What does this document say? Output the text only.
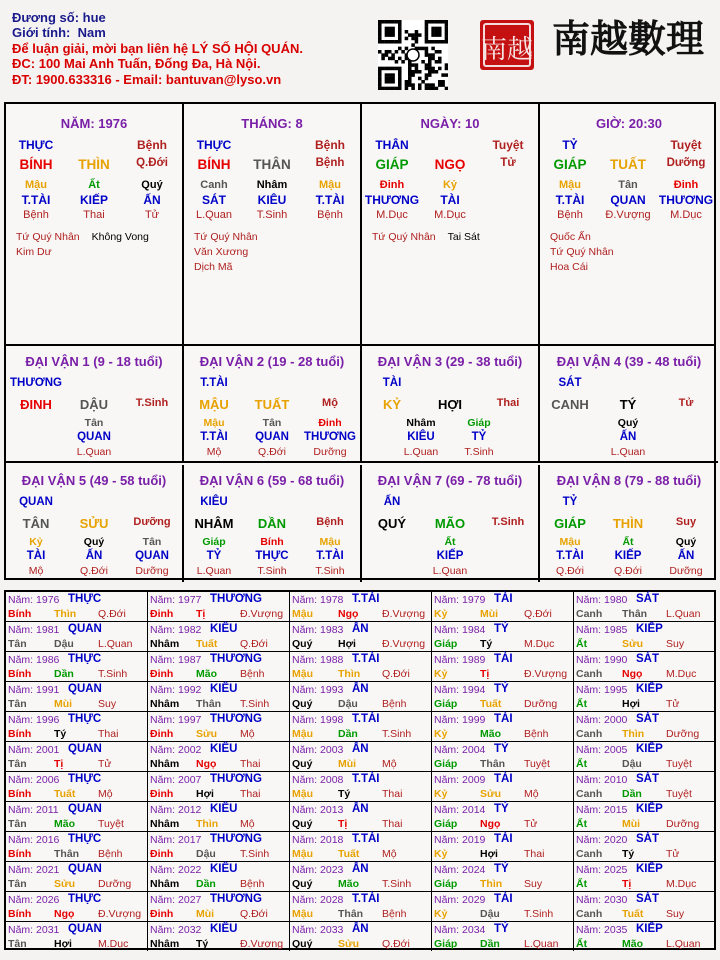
Đương số: hue
Giới tính: Nam
Để luận giải, mời bạn liên hệ LÝ SỐ HỘI QUÁN.
ĐC: 100 Mai Anh Tuấn, Đống Đa, Hà Nội.
ĐT: 1900.633316 - Email: bantuvan@lyso.vn
南越 南越數理
NĂM: 1976
THỰC	Bệnh
BÍNH	THÌN	Q.Đới
Mậu	Ất	Quý
T.TÀI	KIẾP	ẤN
Bệnh	Thai	Tử
Tứ Quý Nhân Không Vong
Kim Dư

THÁNG: 8
THỰC	Bệnh
BÍNH	THÂN	Bệnh
Canh	Nhâm	Mậu
SÁT	KIÊU	T.TÀI
L.Quan	T.Sinh	Bệnh
Tứ Quý Nhân
Văn Xương
Dịch Mã

NGÀY: 10
THÂN	Tuyệt
GIÁP	NGỌ	Tử
Đinh	Kỷ
THƯƠNG	TÀI
M.Dục	M.Dục
Tứ Quý Nhân Tai Sát

GIỜ: 20:30
TỶ	Tuyệt
GIÁP	TUẤT	Dưỡng
Mậu	Tân	Đinh
T.TÀI	QUAN	THƯƠNG
Bệnh	Đ.Vượng	M.Dục
Quốc Ấn
Tứ Quý Nhân
Hoa Cái

ĐẠI VẬN 1 (9 - 18 tuổi)
THƯƠNG
ĐINH	DẬU	T.Sinh
Tân
QUAN
L.Quan
ĐẠI VẬN 2 (19 - 28 tuổi)
T.TÀI
MẬU	TUẤT	Mộ
Mậu	Tân	Đinh
T.TÀI	QUAN	THƯƠNG
Mộ	Q.Đới	Dưỡng
ĐẠI VẬN 3 (29 - 38 tuổi)
TÀI
KỶ	HỢI	Thai
Nhâm	Giáp
KIÊU	TỶ
L.Quan	T.Sinh
ĐẠI VẬN 4 (39 - 48 tuổi)
SÁT
CANH	TÝ	Tử
Quý
ẤN
L.Quan
ĐẠI VẬN 5 (49 - 58 tuổi)
QUAN
TÂN	SỬU	Dưỡng
Kỷ	Quý	Tân
TÀI	ẤN	QUAN
Mộ	Q.Đới	Dưỡng
ĐẠI VẬN 6 (59 - 68 tuổi)
KIÊU
NHÂM	DẦN	Bệnh
Giáp	Bính	Mậu
TỶ	THỰC	T.TÀI
L.Quan	T.Sinh	T.Sinh
ĐẠI VẬN 7 (69 - 78 tuổi)
ẤN
QUÝ	MÃO	T.Sinh
Ất
KIẾP
L.Quan
ĐẠI VẬN 8 (79 - 88 tuổi)
TỶ
GIÁP	THÌN	Suy
Mậu	Ất	Quý
T.TÀI	KIẾP	ẤN
Q.Đới	Q.Đới	Dưỡng
Năm: 1976 THỰC
Bính Thìn Q.Đới
Năm: 1977 THƯƠNG
Đinh Tị	Đ.Vượng
Năm: 1978 T.TÀI
Mậu Ngọ Đ.Vượng
Năm: 1979 TÀI
Kỷ	Mùi Q.Đới
Năm: 1980 SÁT
Canh Thân L.Quan
Năm: 1981 QUAN
Tân	Dậu L.Quan
Năm: 1982 KIÊU
Nhâm Tuất Q.Đới
Năm: 1983 ẤN
Quý Hợi Đ.Vượng
Năm: 1984 TỶ
Giáp Tý	M.Dục
Năm: 1985 KIẾP
Ất	Sửu Suy
Năm: 1986 THỰC
Bính Dần T.Sinh
Năm: 1987 THƯƠNG
Đinh Mão Bệnh
Năm: 1988 T.TÀI
Mậu Thìn Q.Đới
Năm: 1989 TÀI
Kỷ	Tị	Đ.Vượng
Năm: 1990 SÁT
Canh Ngọ M.Dục
Năm: 1991 QUAN
Tân	Mùi Suy
Năm: 1992 KIÊU
Nhâm Thân T.Sinh
Năm: 1993 ẤN
Quý Dậu Bệnh
Năm: 1994 TỶ
Giáp Tuất Dưỡng
Năm: 1995 KIẾP
Ất	Hợi Tử
Năm: 1996 THỰC
Bính Tý	Thai
Năm: 1997 THƯƠNG
Đinh Sửu Mộ
Năm: 1998 T.TÀI
Mậu Dần T.Sinh
Năm: 1999 TÀI
Kỷ	Mão Bệnh
Năm: 2000 SÁT
Canh Thìn Dưỡng
Năm: 2001 QUAN
Tân	Tị	Tử
Năm: 2002 KIÊU
Nhâm Ngọ Thai
Năm: 2003 ẤN
Quý Mùi Mộ
Năm: 2004 TỶ
Giáp Thân Tuyệt
Năm: 2005 KIẾP
Ất	Dậu Tuyệt
Năm: 2006 THỰC
Bính Tuất Mộ
Năm: 2007 THƯƠNG
Đinh Hợi Thai
Năm: 2008 T.TÀI
Mậu Tý	Thai
Năm: 2009 TÀI
Kỷ	Sửu Mộ
Năm: 2010 SÁT
Canh Dần Tuyệt
Năm: 2011 QUAN
Tân	Mão Tuyệt
Năm: 2012 KIÊU
Nhâm Thìn Mộ
Năm: 2013 ẤN
Quý Tị	Thai
Năm: 2014 TỶ
Giáp Ngọ Tử
Năm: 2015 KIẾP
Ất	Mùi Dưỡng
Năm: 2016 THỰC
Bính Thân Bệnh
Năm: 2017 THƯƠNG
Đinh Dậu T.Sinh
Năm: 2018 T.TÀI
Mậu Tuất Mộ
Năm: 2019 TÀI
Kỷ	Hợi Thai
Năm: 2020 SÁT
Canh Tý	Tử
Năm: 2021 QUAN
Tân	Sửu Dưỡng
Năm: 2022 KIÊU
Nhâm Dần Bệnh
Năm: 2023 ẤN
Quý Mão T.Sinh
Năm: 2024 TỶ
Giáp Thìn Suy
Năm: 2025 KIẾP
Ất	Tị	M.Dục
Năm: 2026 THỰC
Bính Ngọ Đ.Vượng
Năm: 2027 THƯƠNG
Đinh Mùi Q.Đới
Năm: 2028 T.TÀI
Mậu Thân Bệnh
Năm: 2029 TÀI
Kỷ	Dậu T.Sinh
Năm: 2030 SÁT
Canh Tuất Suy
Năm: 2031 QUAN
Tân	Hợi M.Dục
Năm: 2032 KIÊU
Nhâm Tý	Đ.Vượng
Năm: 2033 ẤN
Quý Sửu Q.Đới
Năm: 2034 TỶ
Giáp Dần L.Quan
Năm: 2035 KIẾP
Ất	Mão L.Quan
